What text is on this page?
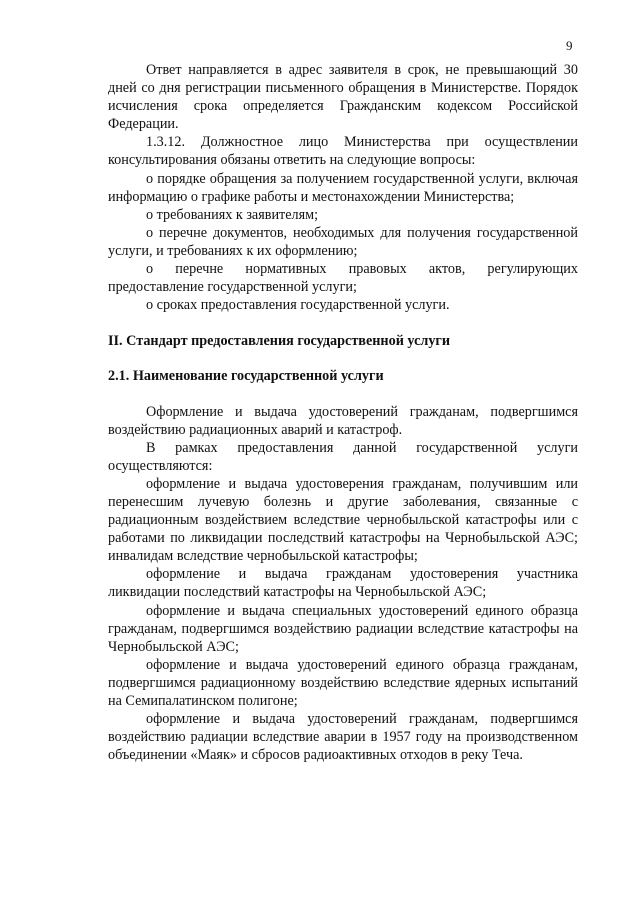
9

Ответ направляется в адрес заявителя в срок, не превышающий 30 дней со дня регистрации письменного обращения в Министерстве. Порядок исчисления срока определяется Гражданским кодексом Российской Федерации.

1.3.12. Должностное лицо Министерства при осуществлении консультирования обязаны ответить на следующие вопросы:

о порядке обращения за получением государственной услуги, включая информацию о графике работы и местонахождении Министерства;

о требованиях к заявителям;

о перечне документов, необходимых для получения государственной услуги, и требованиях к их оформлению;

о перечне нормативных правовых актов, регулирующих предоставление государственной услуги;

о сроках предоставления государственной услуги.

II. Стандарт предоставления государственной услуги

2.1. Наименование государственной услуги

Оформление и выдача удостоверений гражданам, подвергшимся воздействию радиационных аварий и катастроф.

В рамках предоставления данной государственной услуги осуществляются:

оформление и выдача удостоверения гражданам, получившим или перенесшим лучевую болезнь и другие заболевания, связанные с радиационным воздействием вследствие чернобыльской катастрофы или с работами по ликвидации последствий катастрофы на Чернобыльской АЭС; инвалидам вследствие чернобыльской катастрофы;

оформление и выдача гражданам удостоверения участника ликвидации последствий катастрофы на Чернобыльской АЭС;

оформление и выдача специальных удостоверений единого образца гражданам, подвергшимся воздействию радиации вследствие катастрофы на Чернобыльской АЭС;

оформление и выдача удостоверений единого образца гражданам, подвергшимся радиационному воздействию вследствие ядерных испытаний на Семипалатинском полигоне;

оформление и выдача удостоверений гражданам, подвергшимся воздействию радиации вследствие аварии в 1957 году на производственном объединении «Маяк» и сбросов радиоактивных отходов в реку Теча.
